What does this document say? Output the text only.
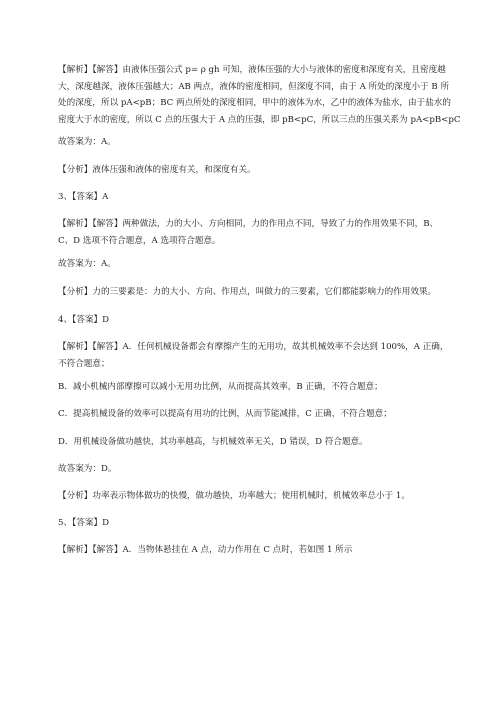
【解析】【解答】由液体压强公式 p= ρ gh 可知，液体压强的大小与液体的密度和深度有关，且密度越
大，深度越深，液体压强越大；AB 两点，液体的密度相同，但深度不同，由于 A 所处的深度小于 B 所
处的深度，所以 pA<pB；BC 两点所处的深度相同，甲中的液体为水，乙中的液体为盐水，由于盐水的
密度大于水的密度，所以 C 点的压强大于 A 点的压强，即 pB<pC，所以三点的压强关系为 pA<pB<pC
故答案为：A。
【分析】液体压强和液体的密度有关，和深度有关。
3、【答案】A
【解析】【解答】两种做法，力的大小、方向相同，力的作用点不同，导致了力的作用效果不同，B、
C、D 选项不符合题意，A 选项符合题意。
故答案为：A。
【分析】力的三要素是：力的大小、方向、作用点，叫做力的三要素，它们都能影响力的作用效果。
4、【答案】D
【解析】【解答】A．任何机械设备都会有摩擦产生的无用功，故其机械效率不会达到 100%，A 正确，
不符合题意；
B．减小机械内部摩擦可以减小无用功比例，从而提高其效率，B 正确，不符合题意；
C．提高机械设备的效率可以提高有用功的比例，从而节能减排，C 正确，不符合题意；
D．用机械设备做功越快，其功率越高，与机械效率无关，D 错误，D 符合题意。
故答案为：D。
【分析】功率表示物体做功的快慢，做功越快，功率越大；使用机械时，机械效率总小于 1。
5、【答案】D
【解析】【解答】A．当物体悬挂在 A 点，动力作用在 C 点时，若如图 1 所示
